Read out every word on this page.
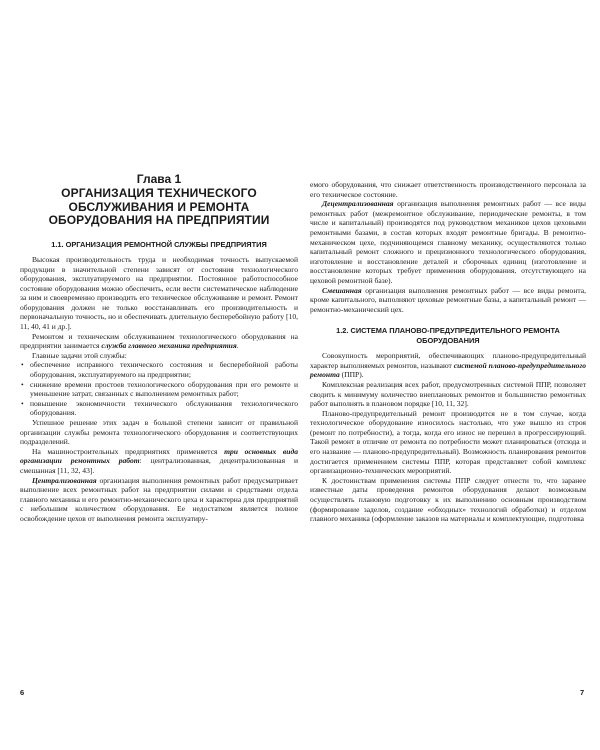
Глава 1
ОРГАНИЗАЦИЯ ТЕХНИЧЕСКОГО ОБСЛУЖИВАНИЯ И РЕМОНТА ОБОРУДОВАНИЯ НА ПРЕДПРИЯТИИ
1.1. ОРГАНИЗАЦИЯ РЕМОНТНОЙ СЛУЖБЫ ПРЕДПРИЯТИЯ

Высокая производительность труда и необходимая точность выпускаемой продукции в значительной степени зависят от состояния технологического оборудования, эксплуатируемого на предприятии. Постоянное работоспособное состояние оборудования можно обеспечить, если вести систематическое наблюдение за ним и своевременно производить его техническое обслуживание и ремонт. Ремонт оборудования должен не только восстанавливать его производительность и первоначальную точность, но и обеспечивать длительную бесперебойную работу [10, 11, 40, 41 и др.].

Ремонтом и техническим обслуживанием технологического оборудования на предприятии занимается служба главного механика предприятия.

Главные задачи этой службы:

• обеспечение исправного технического состояния и бесперебойной работы оборудования, эксплуатируемого на предприятии;
• снижение времени простоев технологического оборудования при его ремонте и уменьшение затрат, связанных с выполнением ремонтных работ;
• повышение экономичности технического обслуживания технологического оборудования.

Успешное решение этих задач в большой степени зависит от правильной организации службы ремонта технологического оборудования и соответствующих подразделений.

На машиностроительных предприятиях применяется три основных вида организации ремонтных работ: централизованная, децентрализованная и смешанная [11, 32, 43].

Централизованная организация выполнения ремонтных работ предусматривает выполнение всех ремонтных работ на предприятии силами и средствами отдела главного механика и его ремонтно-механического цеха и характерна для предприятий с небольшим количеством оборудования. Ее недостатком является полное освобождение цехов от выполнения ремонта эксплуатиру-

6

емого оборудования, что снижает ответственность производственного персонала за его техническое состояние.

Децентрализованная организация выполнения ремонтных работ — все виды ремонтных работ (межремонтное обслуживание, периодические ремонты, в том числе и капитальный) производятся под руководством механиков цехов цеховыми ремонтными базами, в состав которых входят ремонтные бригады. В ремонтно-механическом цехе, подчиняющемся главному механику, осуществляются только капитальный ремонт сложного и прецизионного технологического оборудования, изготовление и восстановление деталей и сборочных единиц (изготовление и восстановление которых требует применения оборудования, отсутствующего на цеховой ремонтной базе).

Смешанная организация выполнения ремонтных работ — все виды ремонта, кроме капитального, выполняют цеховые ремонтные базы, а капитальный ремонт — ремонтно-механический цех.

1.2. СИСТЕМА ПЛАНОВО-ПРЕДУПРЕДИТЕЛЬНОГО РЕМОНТА ОБОРУДОВАНИЯ

Совокупность мероприятий, обеспечивающих планово-предупредительный характер выполняемых ремонтов, называют системой планово-предупредительного ремонта (ППР).

Комплексная реализация всех работ, предусмотренных системой ППР, позволяет сводить к минимуму количество внеплановых ремонтов и большинство ремонтных работ выполнять в плановом порядке [10, 11, 32].

Планово-предупредительный ремонт производится не в том случае, когда технологическое оборудование износилось настолько, что уже вышло из строя (ремонт по потребности), а тогда, когда его износ не перешел в прогрессирующий. Такой ремонт в отличие от ремонта по потребности может планироваться (отсюда и его название — планово-предупредительный). Возможность планирования ремонтов достигается применением системы ППР, которая представляет собой комплекс организационно-технических мероприятий.

К достоинствам применения системы ППР следует отнести то, что заранее известные даты проведения ремонтов оборудования делают возможным осуществлять плановую подготовку к их выполнению основным производством (формирование заделов, создание «обходных» технологий обработки) и отделом главного механика (оформление заказов на материалы и комплектующие, подготовка

7
